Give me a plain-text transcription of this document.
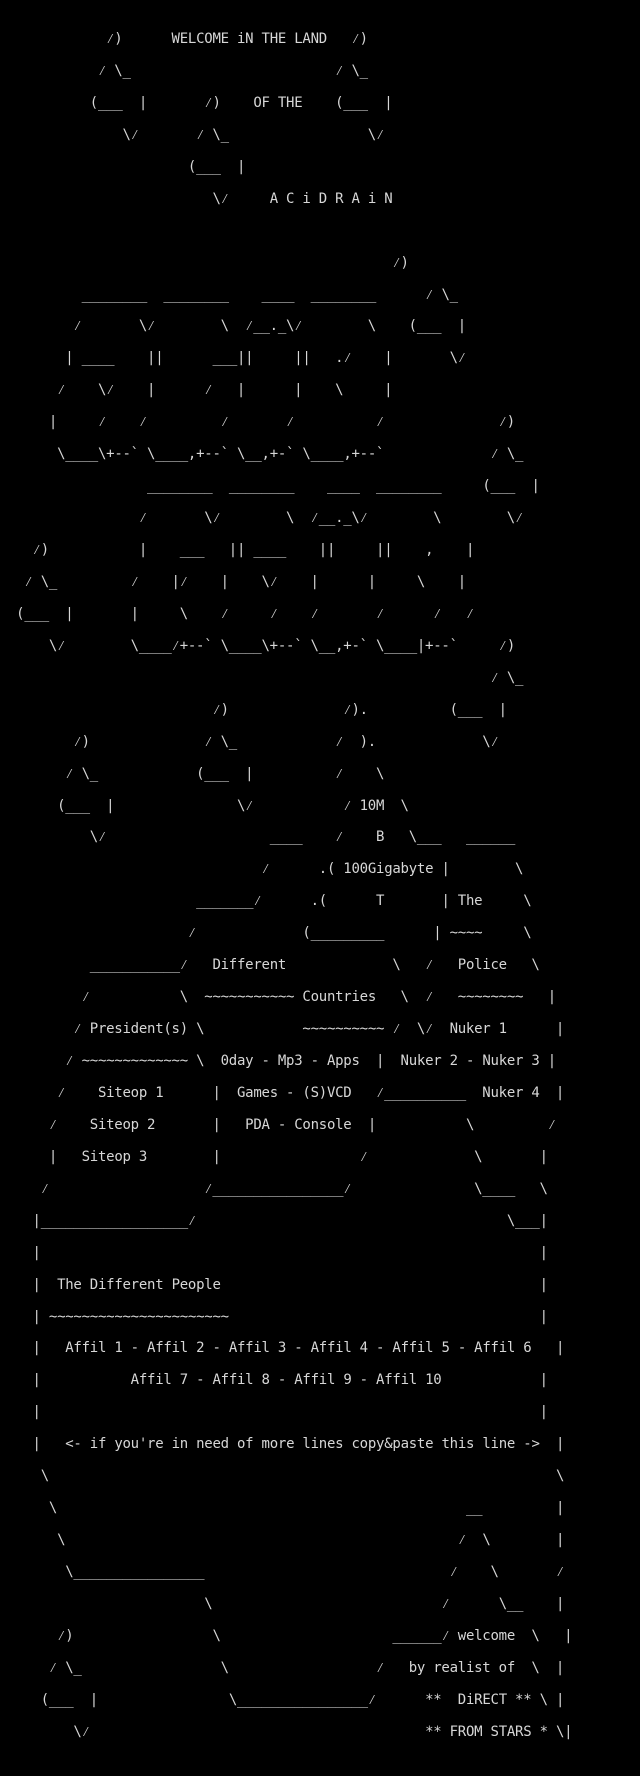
⁄)      WELCOME iN THE LAND   ⁄)
⁄ \_                         ⁄ \_
(___  |       ⁄)    OF THE    (___  |
\⁄       ⁄ \_                 \⁄
(___  |
\⁄     A C i D R A i N
⁄)
________  ________    ____  ________      ⁄ \_
⁄       \⁄        \  ⁄__._\⁄        \    (___  |
| ____    ||      ___||     ||   .⁄    |       \⁄
⁄    \⁄    |      ⁄   |      |    \     |
|     ⁄    ⁄         ⁄       ⁄          ⁄              ⁄)
\____\+--` \____,+--` \__,+-` \____,+--`             ⁄ \_
________  ________    ____  ________     (___  |
⁄       \⁄        \  ⁄__._\⁄        \        \⁄
⁄)           |    ___   || ____    ||     ||    ,    |
⁄ \_         ⁄    |⁄    |    \⁄    |      |     \    |
(___  |       |     \    ⁄     ⁄    ⁄       ⁄      ⁄   ⁄
\⁄        \____⁄+--` \____\+--` \__,+-` \____|+--`     ⁄)
⁄ \_
⁄)              ⁄).          (___  |
⁄)              ⁄ \_            ⁄  ).             \⁄
⁄ \_            (___  |          ⁄    \
(___  |               \⁄           ⁄ 10M  \
\⁄                    ____    ⁄    B   \___   ______
⁄      .( 100Gigabyte |        \
_______⁄      .(      T       | The     \
⁄             (_________      | ~~~~     \
___________⁄   Different             \   ⁄   Police   \
⁄           \  ~~~~~~~~~~~ Countries   \  ⁄   ~~~~~~~~   |
⁄ President(s) \            ~~~~~~~~~~ ⁄  \⁄  Nuker 1      |
⁄ ~~~~~~~~~~~~~ \  0day - Mp3 - Apps  |  Nuker 2 - Nuker 3 |
⁄    Siteop 1      |  Games - (S)VCD   ⁄__________  Nuker 4  |
⁄    Siteop 2       |   PDA - Console  |           \         ⁄
|   Siteop 3        |                 ⁄             \       |
⁄                   ⁄________________⁄               \____   \
|__________________⁄                                      \___|
|                                                             |
|  The Different People                                       |
| ~~~~~~~~~~~~~~~~~~~~~~                                      |
|   Affil 1 - Affil 2 - Affil 3 - Affil 4 - Affil 5 - Affil 6   |
|           Affil 7 - Affil 8 - Affil 9 - Affil 10            |
|                                                             |
|   <- if you're in need of more lines copy&paste this line ->  |
\                                                              \
\                                                  __         |
\                                                ⁄  \        |
\________________                              ⁄    \       ⁄
\                            ⁄      \__    |
⁄)                 \                     ______⁄ welcome  \   |
⁄ \_                 \                  ⁄   by realist of  \  |
(___  |                \________________⁄      **  DiRECT ** \ |
\⁄                                         ** FROM STARS * \|
